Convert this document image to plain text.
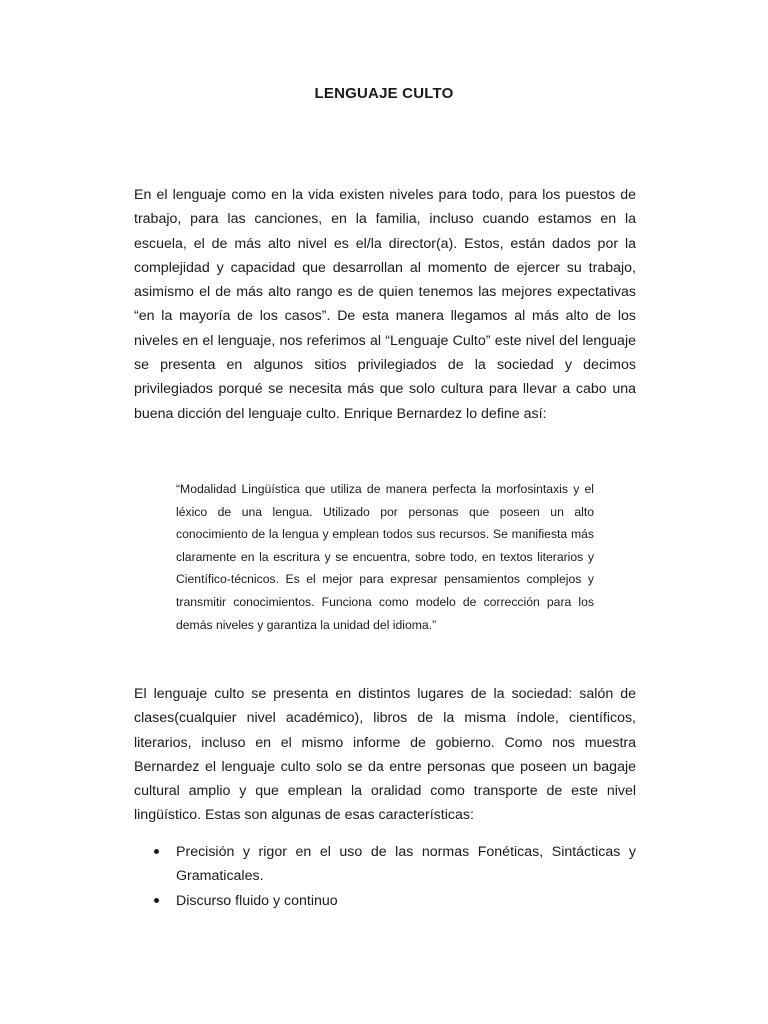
LENGUAJE CULTO

En el lenguaje como en la vida existen niveles para todo, para los puestos de trabajo, para las canciones, en la familia, incluso cuando estamos en la escuela, el de más alto nivel es el/la director(a). Estos, están dados por la complejidad y capacidad que desarrollan al momento de ejercer su trabajo, asimismo el de más alto rango es de quien tenemos las mejores expectativas “en la mayoría de los casos”. De esta manera llegamos al más alto de los niveles en el lenguaje, nos referimos al “Lenguaje Culto” este nivel del lenguaje se presenta en algunos sitios privilegiados de la sociedad y decimos privilegiados porqué se necesita más que solo cultura para llevar a cabo una buena dicción del lenguaje culto. Enrique Bernardez lo define así:

“Modalidad Lingüística que utiliza de manera perfecta la morfosintaxis y el léxico de una lengua. Utilizado por personas que poseen un alto conocimiento de la lengua y emplean todos sus recursos. Se manifiesta más claramente en la escritura y se encuentra, sobre todo, en textos literarios y Científico-técnicos. Es el mejor para expresar pensamientos complejos y transmitir conocimientos. Funciona como modelo de corrección para los demás niveles y garantiza la unidad del idioma.”

El lenguaje culto se presenta en distintos lugares de la sociedad: salón de clases(cualquier nivel académico), libros de la misma índole, científicos, literarios, incluso en el mismo informe de gobierno. Como nos muestra Bernardez el lenguaje culto solo se da entre personas que poseen un bagaje cultural amplio y que emplean la oralidad como transporte de este nivel lingüístico. Estas son algunas de esas características:

Precisión y rigor en el uso de las normas Fonéticas, Sintácticas y Gramaticales.
Discurso fluido y continuo
